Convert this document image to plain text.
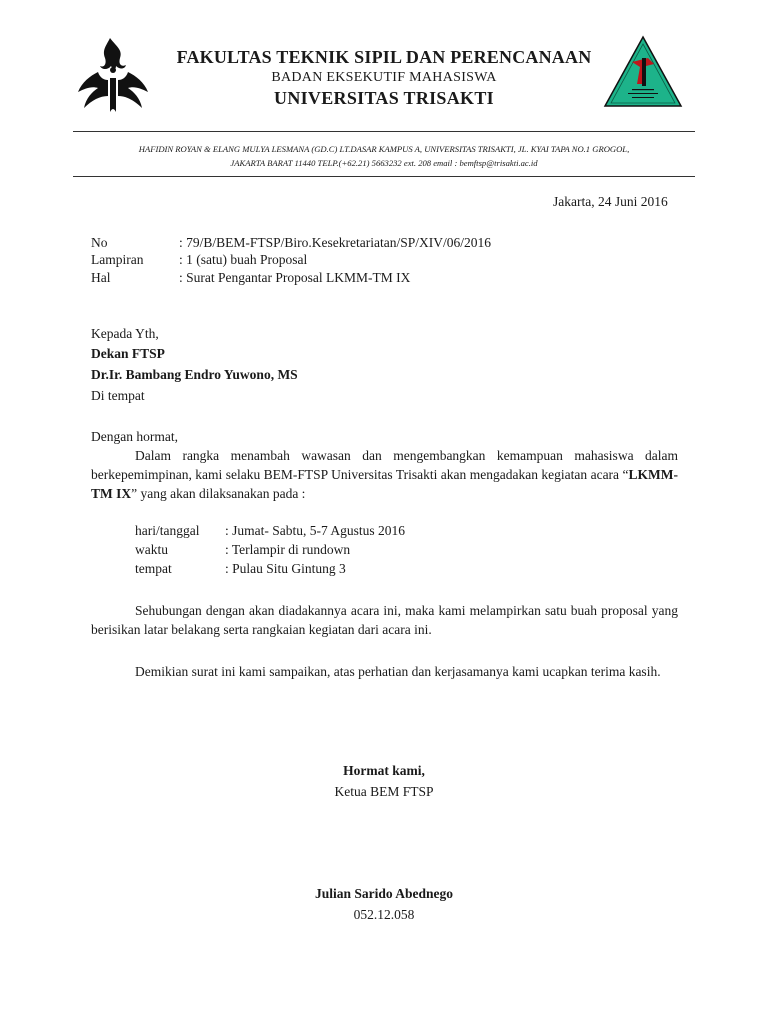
FAKULTAS TEKNIK SIPIL DAN PERENCANAAN
BADAN EKSEKUTIF MAHASISWA
UNIVERSITAS TRISAKTI
HAFIDIN ROYAN & ELANG MULYA LESMANA (GD.C) LT.DASAR KAMPUS A, UNIVERSITAS TRISAKTI, JL. KYAI TAPA NO.1 GROGOL,
JAKARTA BARAT 11440 TELP.(+62.21) 5663232 ext. 208 email : bemftsp@trisakti.ac.id
Jakarta, 24 Juni 2016
No	: 79/B/BEM-FTSP/Biro.Kesekretariatan/SP/XIV/06/2016
Lampiran	: 1 (satu) buah Proposal
Hal	: Surat Pengantar Proposal LKMM-TM IX
Kepada Yth,
Dekan FTSP
Dr.Ir. Bambang Endro Yuwono, MS
Di tempat
Dengan hormat,
Dalam rangka menambah wawasan dan mengembangkan kemampuan mahasiswa dalam berkepemimpinan, kami selaku BEM-FTSP Universitas Trisakti akan mengadakan kegiatan acara “LKMM-TM IX” yang akan dilaksanakan pada :
hari/tanggal : Jumat- Sabtu, 5-7 Agustus 2016
waktu	: Terlampir di rundown
tempat	: Pulau Situ Gintung 3
Sehubungan dengan akan diadakannya acara ini, maka kami melampirkan satu buah proposal yang berisikan latar belakang serta rangkaian kegiatan dari acara ini.
Demikian surat ini kami sampaikan, atas perhatian dan kerjasamanya kami ucapkan terima kasih.
Hormat kami,
Ketua BEM FTSP
Julian Sarido Abednego
052.12.058
